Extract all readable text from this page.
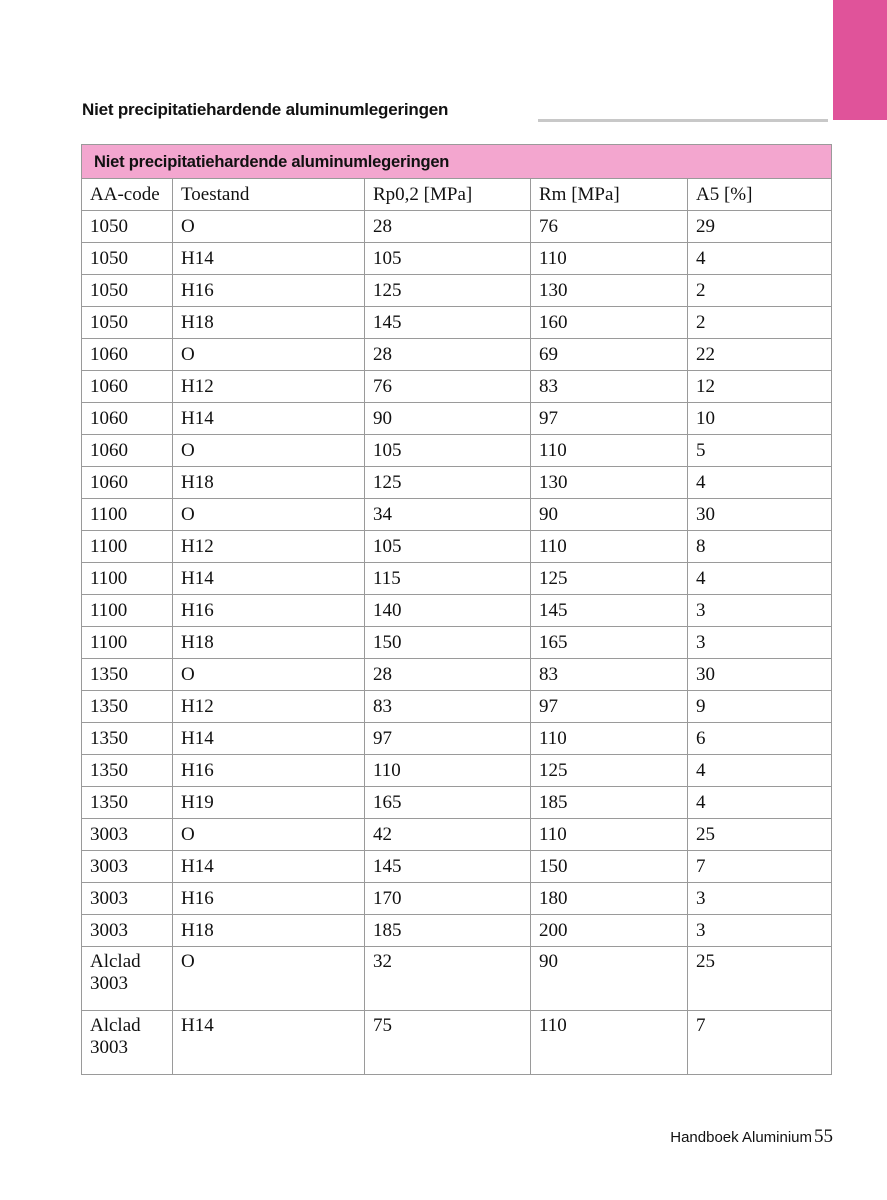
Niet precipitatiehardende aluminumlegeringen
Niet precipitatiehardende aluminumlegeringen				
AA-code	Toestand	Rp0,2 [MPa]	Rm [MPa]	A5 [%]
1050	O	28	76	29
1050	H14	105	110	4
1050	H16	125	130	2
1050	H18	145	160	2
1060	O	28	69	22
1060	H12	76	83	12
1060	H14	90	97	10
1060	O	105	110	5
1060	H18	125	130	4
1100	O	34	90	30
1100	H12	105	110	8
1100	H14	115	125	4
1100	H16	140	145	3
1100	H18	150	165	3
1350	O	28	83	30
1350	H12	83	97	9
1350	H14	97	110	6
1350	H16	110	125	4
1350	H19	165	185	4
3003	O	42	110	25
3003	H14	145	150	7
3003	H16	170	180	3
3003	H18	185	200	3
Alclad 3003	O	32	90	25
Alclad 3003	H14	75	110	7
Handboek Aluminium 55
